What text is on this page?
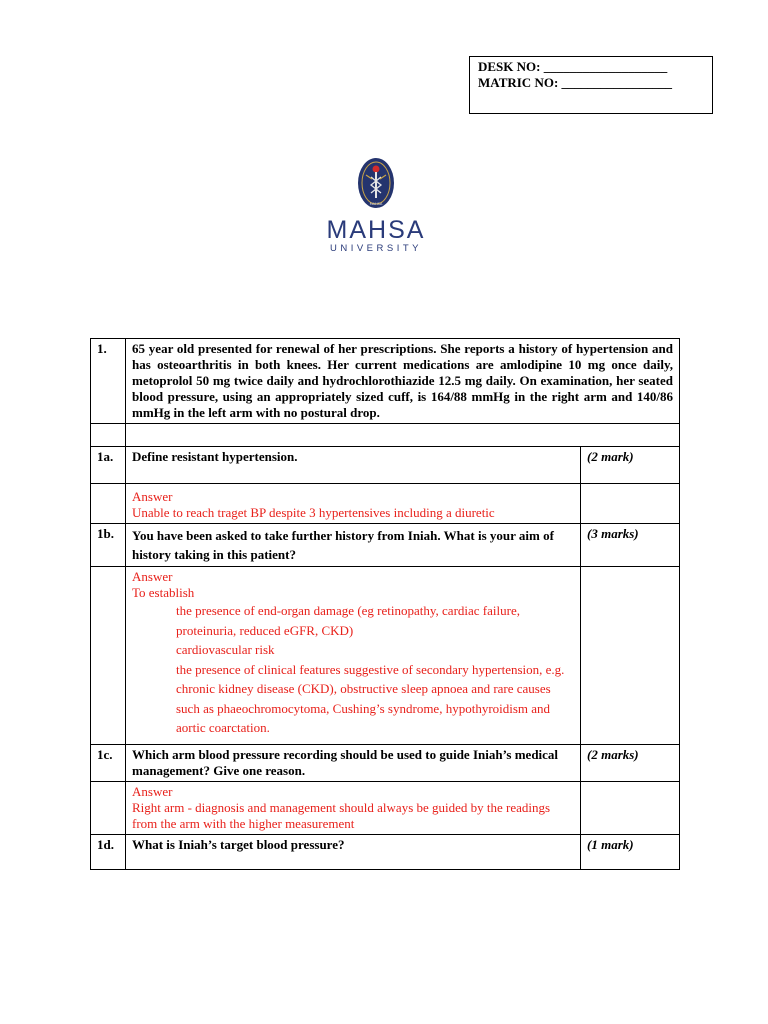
DESK NO: ___________________
MATRIC NO: _________________
MAHSA
MAHSA
UNIVERSITY
1.	65 year old presented for renewal of her prescriptions. She reports a history of hypertension and has osteoarthritis in both knees. Her current medications are amlodipine 10 mg once daily, metoprolol 50 mg twice daily and hydrochlorothiazide 12.5 mg daily. On examination, her seated blood pressure, using an appropriately sized cuff, is 164/88 mmHg in the right arm and 140/86 mmHg in the left arm with no postural drop.	

1a.	Define resistant hypertension.	(2 mark)

	Answer
Unable to reach traget BP despite 3 hypertensives including a diuretic	

1b.	You have been asked to take further history from Iniah. What is your aim of history taking in this patient?	(3 marks)

	Answer
To establish
the presence of end-organ damage (eg retinopathy, cardiac failure, proteinuria, reduced eGFR, CKD)
cardiovascular risk
the presence of clinical features suggestive of secondary hypertension, e.g. chronic kidney disease (CKD), obstructive sleep apnoea and rare causes such as phaeochromocytoma, Cushing’s syndrome, hypothyroidism and aortic coarctation.	

1c.	Which arm blood pressure recording should be used to guide Iniah’s medical management? Give one reason.	(2 marks)

	Answer
Right arm - diagnosis and management should always be guided by the readings from the arm with the higher measurement	

1d.	What is Iniah’s target blood pressure?	(1 mark)
